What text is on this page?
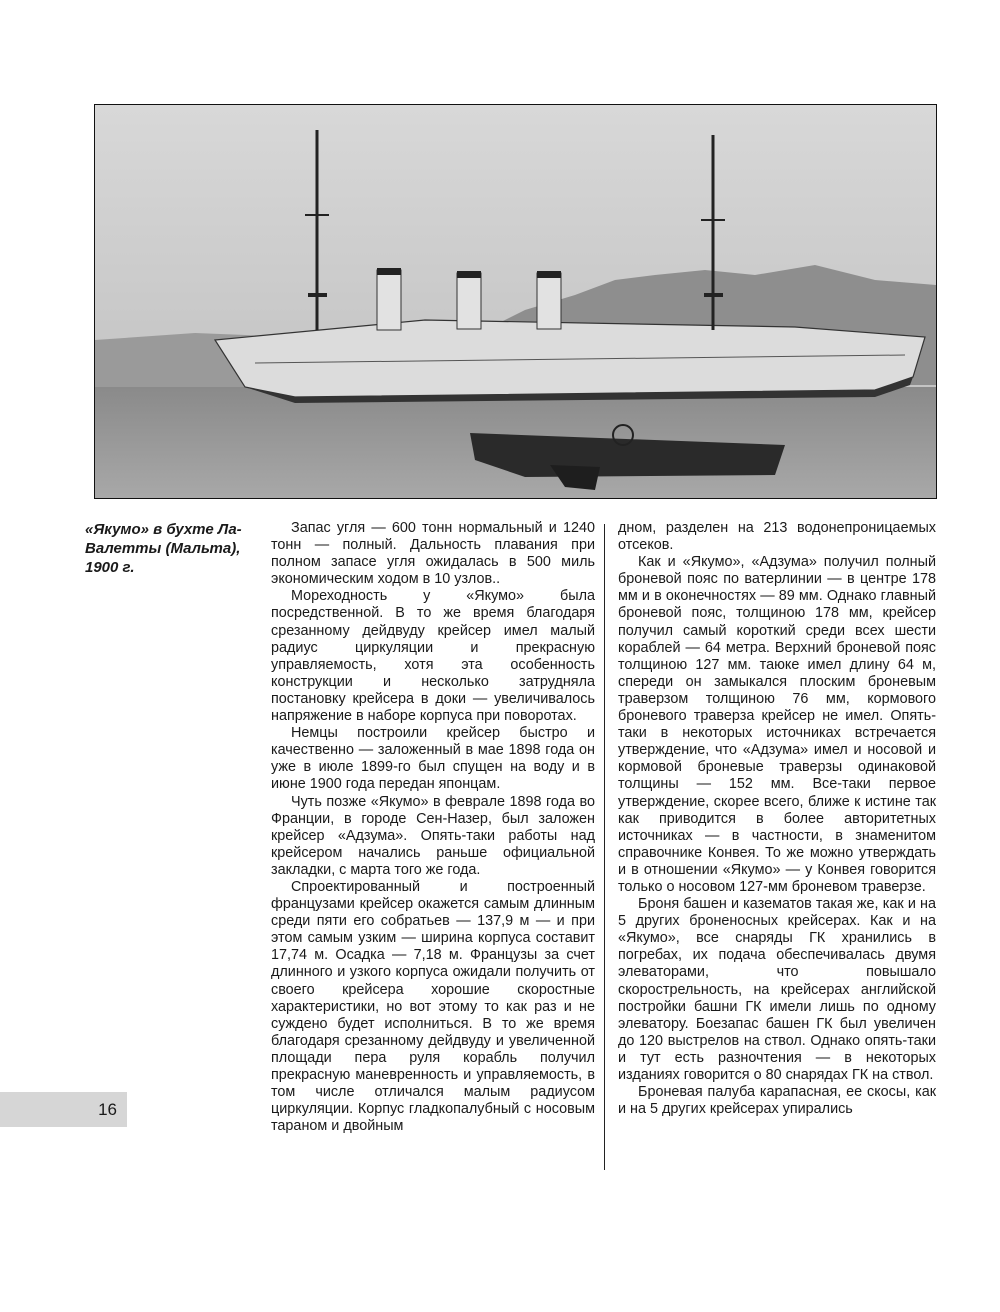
«Якумо» в бухте Ла-Валетты (Мальта), 1900 г.

Запас угля — 600 тонн нормальный и 1240 тонн — полный. Дальность плавания при полном запасе угля ожидалась в 500 миль экономическим ходом в 10 узлов..

Мореходность у «Якумо» была посредственной. В то же время благодаря срезанному дейдвуду крейсер имел малый радиус циркуляции и прекрасную управляемость, хотя эта особенность конструкции и несколько затрудняла постановку крейсера в доки — увеличивалось напряжение в наборе корпуса при поворотах.

Немцы построили крейсер быстро и качественно — заложенный в мае 1898 года он уже в июле 1899-го был спущен на воду и в июне 1900 года передан японцам.

Чуть позже «Якумо» в феврале 1898 года во Франции, в городе Сен-Назер, был заложен крейсер «Адзума». Опять-таки работы над крейсером начались раньше официальной закладки, с марта того же года.

Спроектированный и построенный французами крейсер окажется самым длинным среди пяти его собратьев — 137,9 м — и при этом самым узким — ширина корпуса составит 17,74 м. Осадка — 7,18 м. Французы за счет длинного и узкого корпуса ожидали получить от своего крейсера хорошие скоростные характеристики, но вот этому то как раз и не суждено будет исполниться. В то же время благодаря срезанному дейдвуду и увеличенной площади пера руля корабль получил прекрасную маневренность и управляемость, в том числе отличался малым радиусом циркуляции. Корпус гладкопалубный с носовым тараном и двойным

дном, разделен на 213 водонепроницаемых отсеков.

Как и «Якумо», «Адзума» получил полный броневой пояс по ватерлинии — в центре 178 мм и в оконечностях — 89 мм. Однако главный броневой пояс, толщиною 178 мм, крейсер получил самый короткий среди всех шести кораблей — 64 метра. Верхний броневой пояс толщиною 127 мм. таюке имел длину 64 м, спереди он замыкался плоским броневым траверзом толщиною 76 мм, кормового броневого траверза крейсер не имел. Опять-таки в некоторых источниках встречается утверждение, что «Адзума» имел и носовой и кормовой броневые траверзы одинаковой толщины — 152 мм. Все-таки первое утверждение, скорее всего, ближе к истине так как приводится в более авторитетных источниках — в частности, в знаменитом справочнике Конвея. То же можно утверждать и в отношении «Якумо» — у Конвея говорится только о носовом 127-мм броневом траверзе.

Броня башен и казематов такая же, как и на 5 других броненосных крейсерах. Как и на «Якумо», все снаряды ГК хранились в погребах, их подача обеспечивалась двумя элеваторами, что повышало скорострельность, на крейсерах английской постройки башни ГК имели лишь по одному элеватору. Боезапас башен ГК был увеличен до 120 выстрелов на ствол. Однако опять-таки и тут есть разночтения — в некоторых изданиях говорится о 80 снарядах ГК на ствол.

Броневая палуба карапасная, ее скосы, как и на 5 других крейсерах упирались

16
